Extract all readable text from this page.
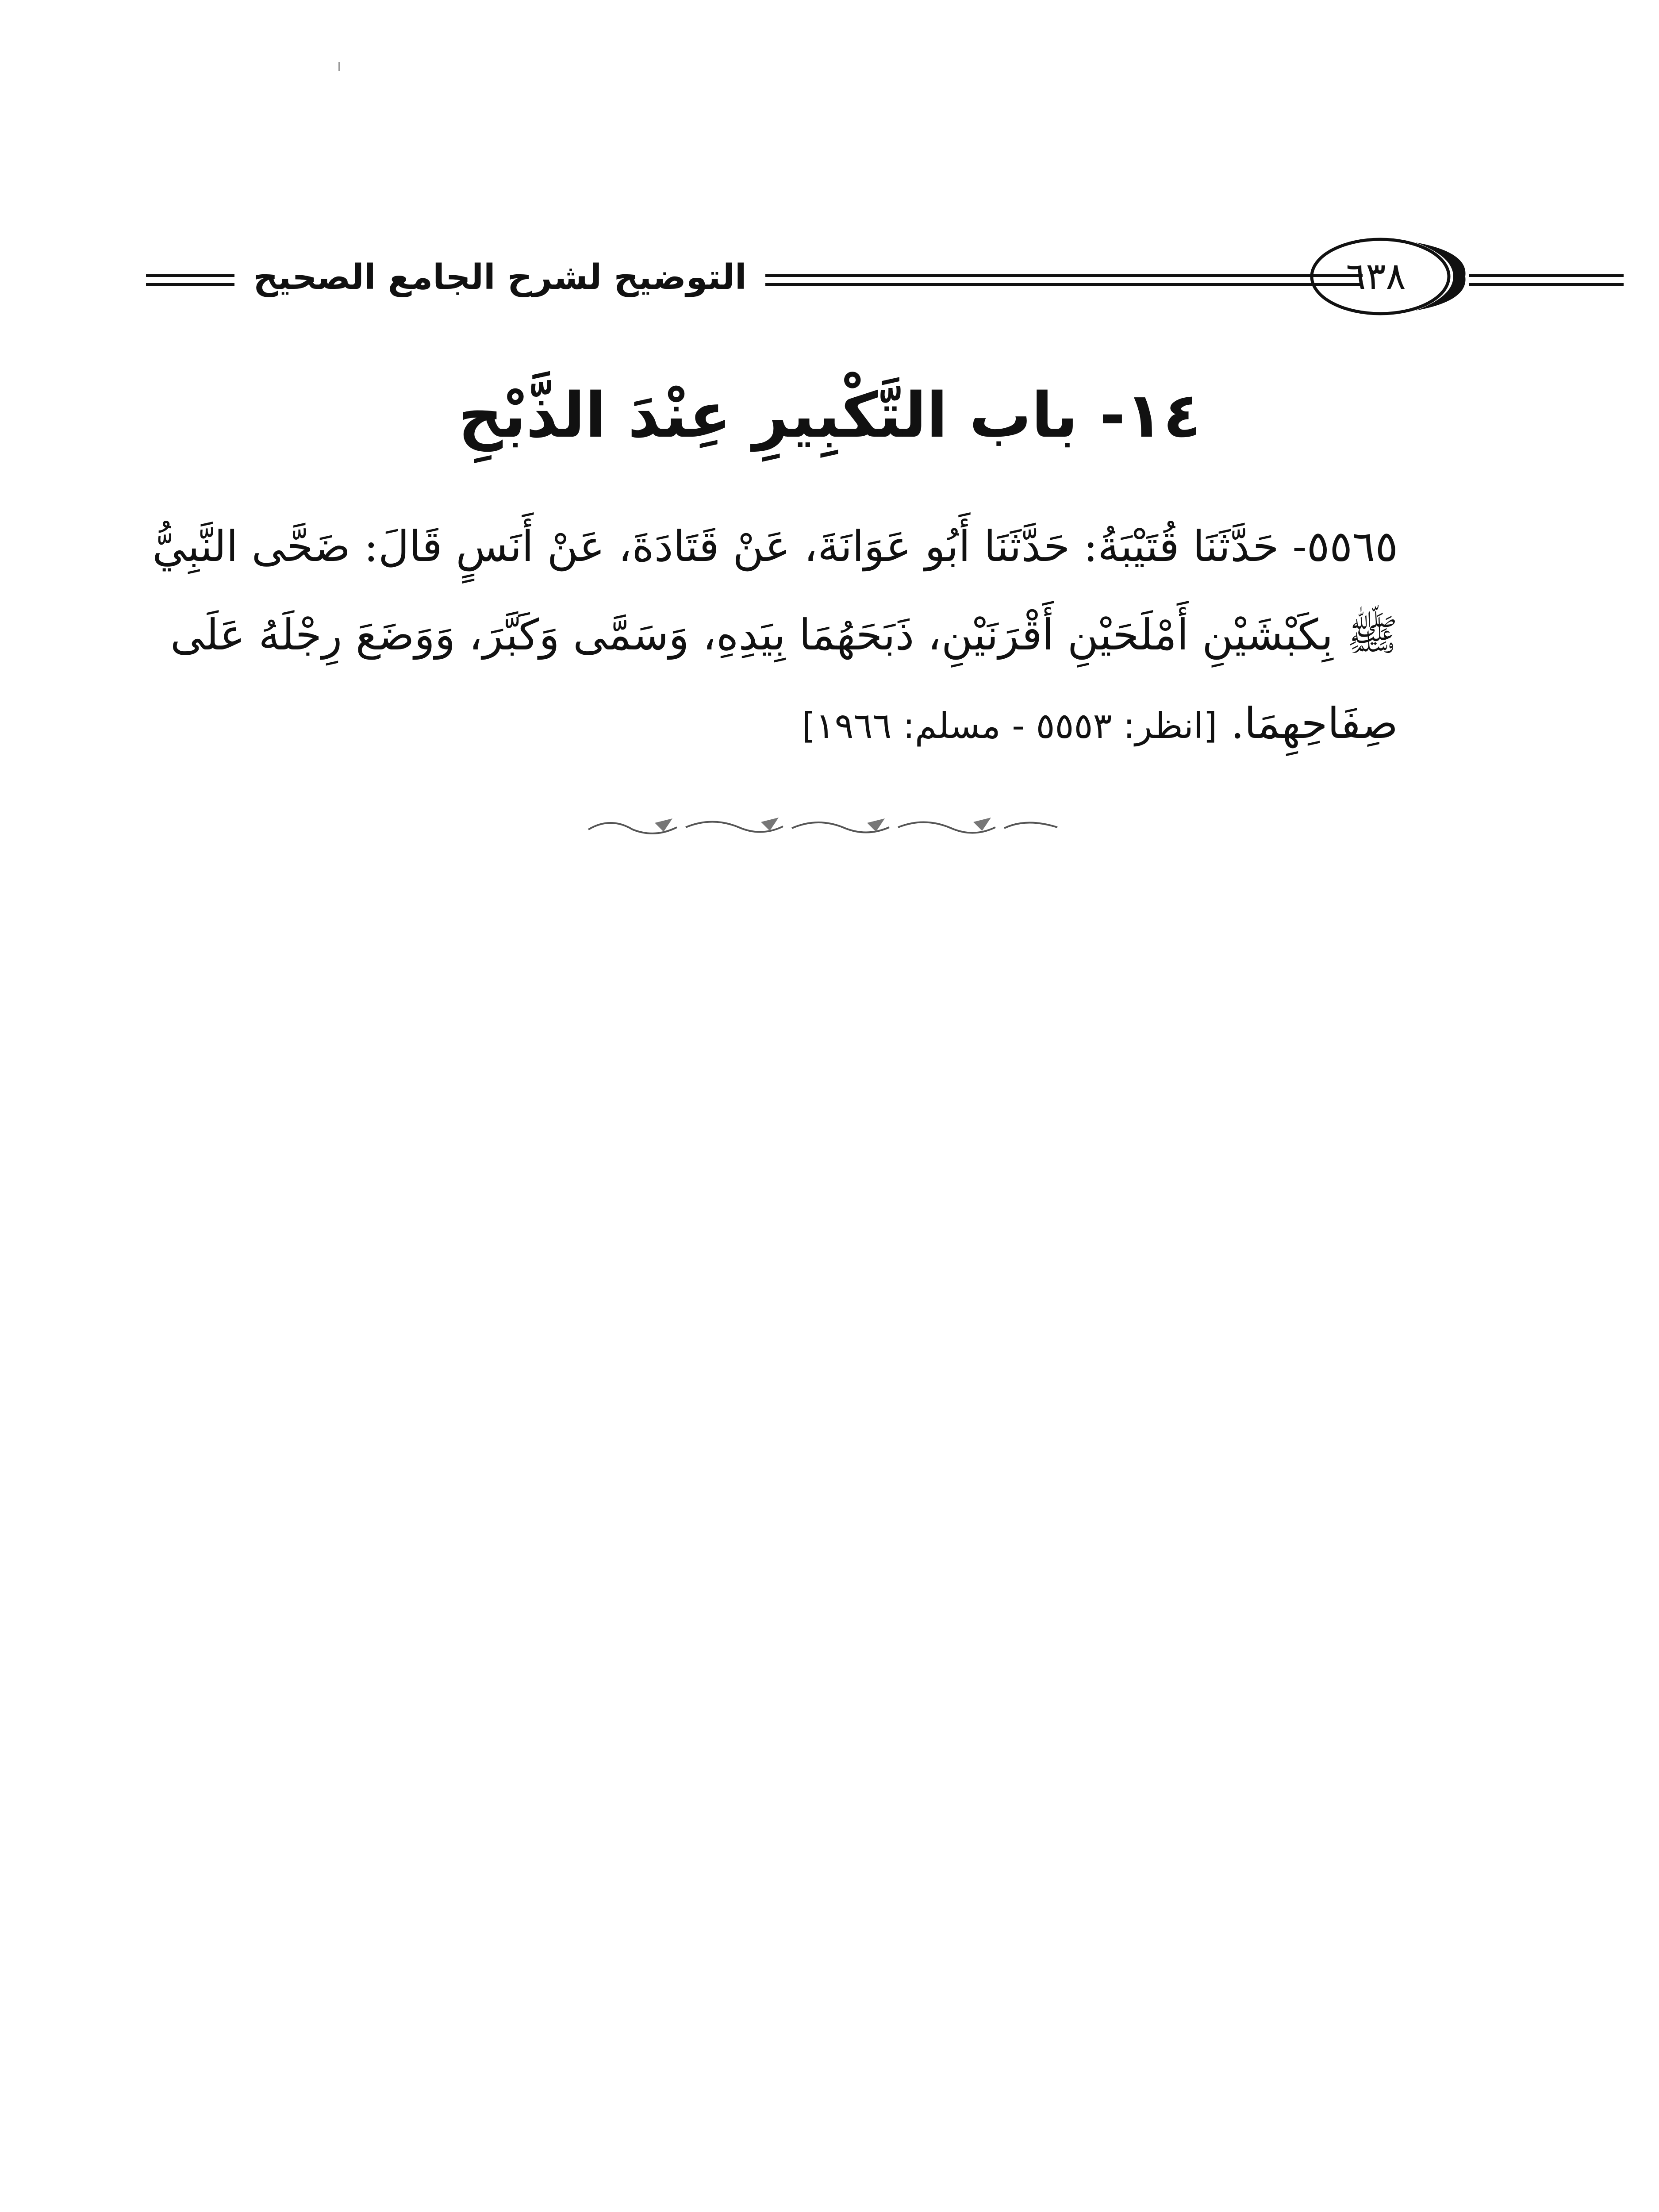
٦٣٨
التوضيح لشرح الجامع الصحيح
١٤- باب التَّكْبِيرِ عِنْدَ الذَّبْحِ

٥٥٦٥- حَدَّثَنَا قُتَيْبَةُ: حَدَّثَنَا أَبُو عَوَانَةَ، عَنْ قَتَادَةَ، عَنْ أَنَسٍ قَالَ: ضَحَّى النَّبِيُّ

ﷺ بِكَبْشَيْنِ أَمْلَحَيْنِ أَقْرَنَيْنِ، ذَبَحَهُمَا بِيَدِهِ، وَسَمَّى وَكَبَّرَ، وَوَضَعَ رِجْلَهُ عَلَى

صِفَاحِهِمَا. [انظر: ٥٥٥٣ - مسلم: ١٩٦٦]
